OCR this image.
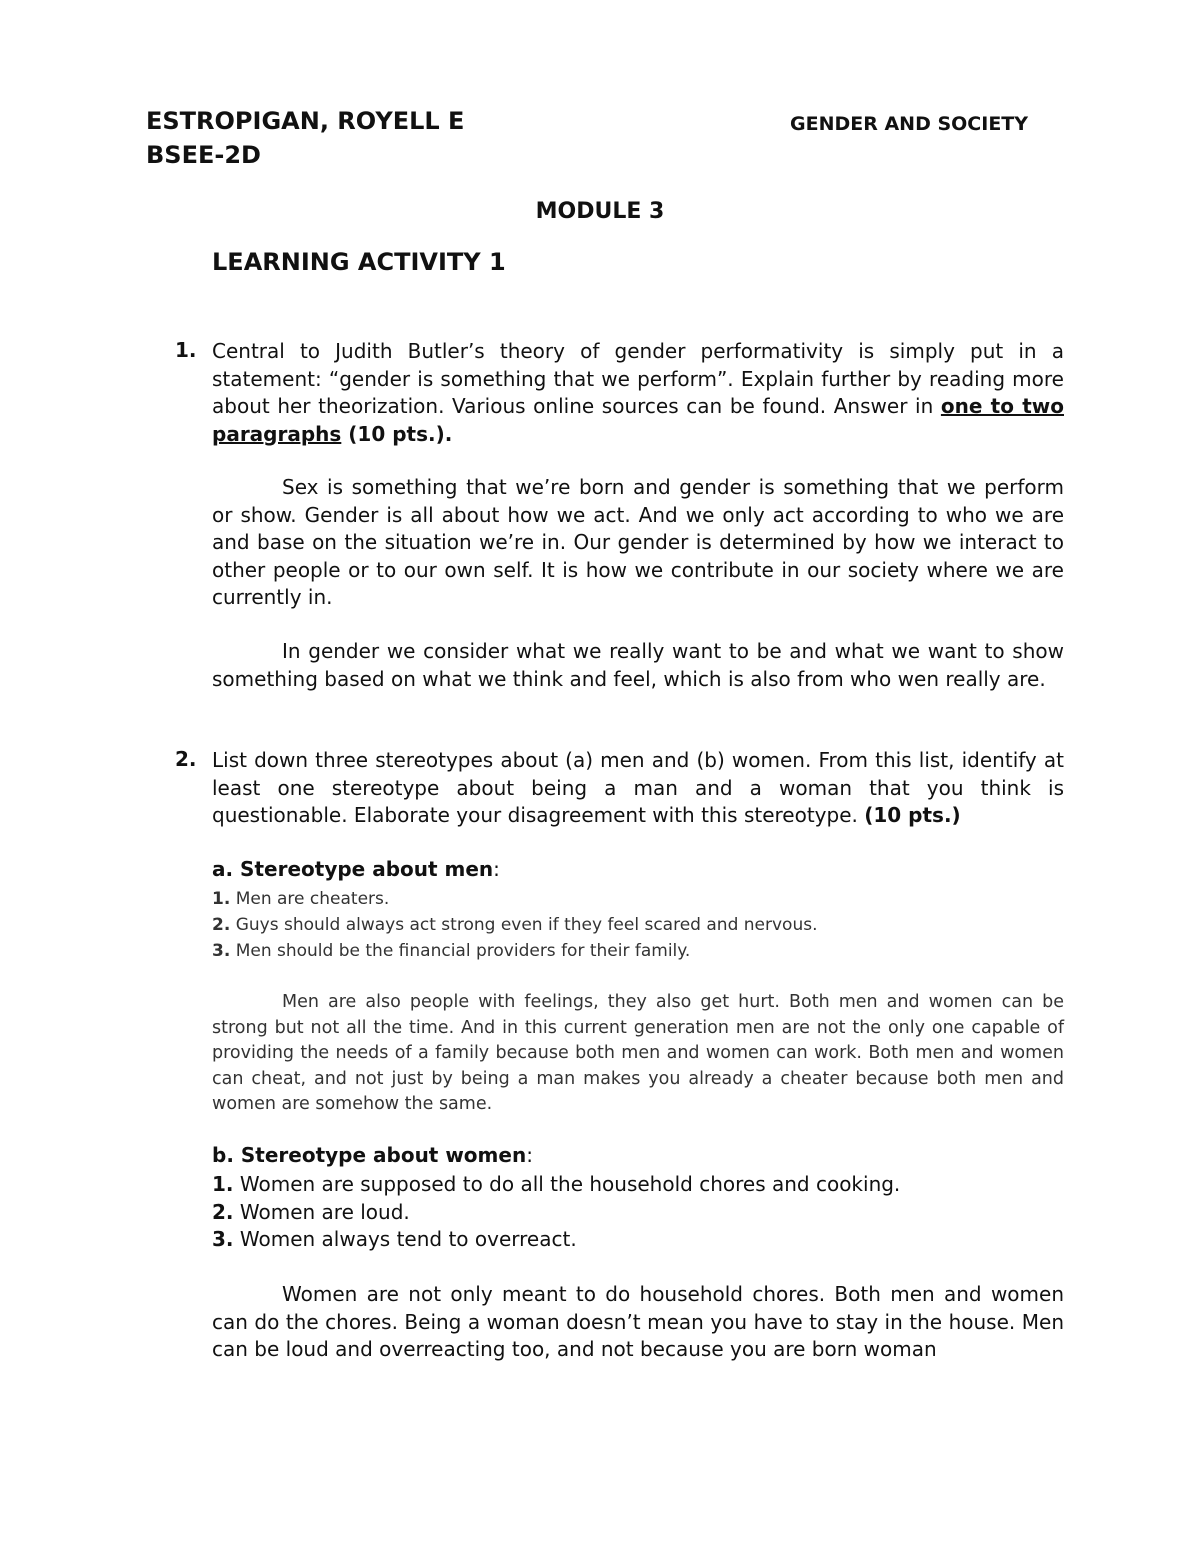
ESTROPIGAN, ROYELL E
BSEE-2D
GENDER AND SOCIETY
MODULE 3
LEARNING ACTIVITY 1
1. Central to Judith Butler’s theory of gender performativity is simply put in a statement: “gender is something that we perform”. Explain further by reading more about her theorization. Various online sources can be found. Answer in one to two paragraphs (10 pts.).
Sex is something that we’re born and gender is something that we perform or show. Gender is all about how we act. And we only act according to who we are and base on the situation we’re in. Our gender is determined by how we interact to other people or to our own self. It is how we contribute in our society where we are currently in.
In gender we consider what we really want to be and what we want to show something based on what we think and feel, which is also from who wen really are.
2. List down three stereotypes about (a) men and (b) women. From this list, identify at least one stereotype about being a man and a woman that you think is questionable. Elaborate your disagreement with this stereotype. (10 pts.)
a. Stereotype about men:
1. Men are cheaters.
2. Guys should always act strong even if they feel scared and nervous.
3. Men should be the financial providers for their family.
Men are also people with feelings, they also get hurt. Both men and women can be strong but not all the time. And in this current generation men are not the only one capable of providing the needs of a family because both men and women can work. Both men and women can cheat, and not just by being a man makes you already a cheater because both men and women are somehow the same.
b. Stereotype about women:
1. Women are supposed to do all the household chores and cooking.
2. Women are loud.
3. Women always tend to overreact.
Women are not only meant to do household chores. Both men and women can do the chores. Being a woman doesn’t mean you have to stay in the house. Men can be loud and overreacting too, and not because you are born woman
